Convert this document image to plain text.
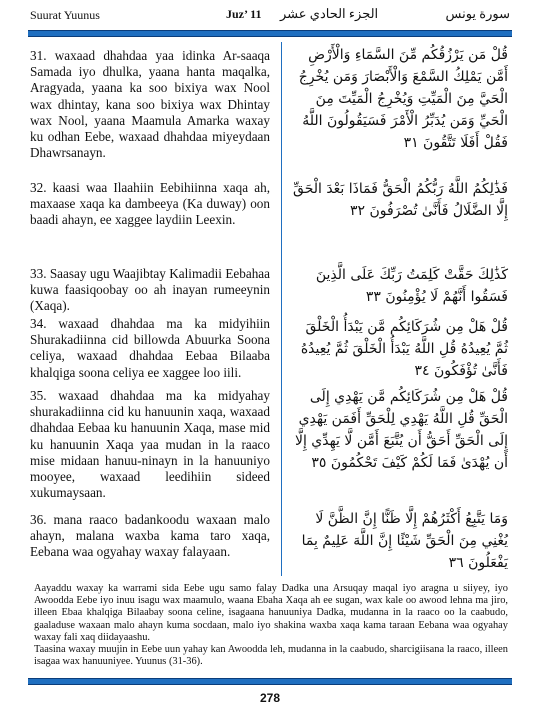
Suurat Yuunus	Juz’ 11 الجزء الحادي عشر	سورة يونس
31. waxaad dhahdaa yaa idinka Ar-saaqa Samada iyo dhulka, yaana hanta maqalka, Aragyada, yaana ka soo bixiya wax Nool wax dhintay, kana soo bixiya wax Dhintay wax Nool, yaana Maamula Amarka waxay ku odhan Eebe, waxaad dhahdaa miyeydaan Dhawrsanayn.
قُلْ مَن يَرْزُقُكُم مِّنَ السَّمَاءِ وَالْأَرْضِ أَمَّن يَمْلِكُ السَّمْعَ وَالْأَبْصَارَ وَمَن يُخْرِجُ الْحَيَّ مِنَ الْمَيِّتِ وَيُخْرِجُ الْمَيِّتَ مِنَ الْحَيِّ وَمَن يُدَبِّرُ الْأَمْرَ فَسَيَقُولُونَ اللَّهُ فَقُلْ أَفَلَا تَتَّقُونَ ٣١
32. kaasi waa Ilaahiin Eebihiinna xaqa ah, maxaase xaqa ka dambeeya (Ka duway) oon baadi ahayn, ee xaggee laydiin Leexin.
فَذَٰلِكُمُ اللَّهُ رَبُّكُمُ الْحَقُّ فَمَاذَا بَعْدَ الْحَقِّ إِلَّا الضَّلَالُ فَأَنَّىٰ تُصْرَفُونَ ٣٢
33. Saasay ugu Waajibtay Kalimadii Eebahaa kuwa faasiqoobay oo ah inayan rumeeynin (Xaqa).
كَذَٰلِكَ حَقَّتْ كَلِمَتُ رَبِّكَ عَلَى الَّذِينَ فَسَقُوا أَنَّهُمْ لَا يُؤْمِنُونَ ٣٣
34. waxaad dhahdaa ma ka midyihiin Shurakadiinna cid billowda Abuurka Soona celiya, waxaad dhahdaa Eebaa Bilaaba khalqiga soona celiya ee xaggee loo iili.
قُلْ هَلْ مِن شُرَكَائِكُم مَّن يَبْدَأُ الْخَلْقَ ثُمَّ يُعِيدُهُ قُلِ اللَّهُ يَبْدَأُ الْخَلْقَ ثُمَّ يُعِيدُهُ فَأَنَّىٰ تُؤْفَكُونَ ٣٤
35. waxaad dhahdaa ma ka midyahay shurakadiinna cid ku hanuunin xaqa, waxaad dhahdaa Eebaa ku hanuunin Xaqa, mase mid ku hanuunin Xaqa yaa mudan in la raaco mise midaan hanuu-ninayn in la hanuuniyo mooyee, waxaad leedihiin sideed xukumaysaan.
قُلْ هَلْ مِن شُرَكَائِكُم مَّن يَهْدِي إِلَى الْحَقِّ قُلِ اللَّهُ يَهْدِي لِلْحَقِّ أَفَمَن يَهْدِي إِلَى الْحَقِّ أَحَقُّ أَن يُتَّبَعَ أَمَّن لَّا يَهِدِّي إِلَّا أَن يُهْدَىٰ فَمَا لَكُمْ كَيْفَ تَحْكُمُونَ ٣٥
36. mana raaco badankoodu waxaan malo ahayn, malana waxba kama taro xaqa, Eebana waa ogyahay waxay falayaan.
وَمَا يَتَّبِعُ أَكْثَرُهُمْ إِلَّا ظَنًّا إِنَّ الظَّنَّ لَا يُغْنِي مِنَ الْحَقِّ شَيْئًا إِنَّ اللَّهَ عَلِيمٌ بِمَا يَفْعَلُونَ ٣٦
Aayaddu waxay ka warrami sida Eebe ugu samo falay Dadka una Arsuqay maqal iyo aragna u siiyey, iyo Awoodda Eebe iyo inuu isagu wax maamulo, waana Ebaha Xaqa ah ee sugan, wax kale oo awood lehna ma jiro, illeen Ebaa khalqiga Bilaabay soona celine, isagaana hanuuniya Dadka, mudanna in la raaco oo la caabudo, gaaladuse waxaan malo ahayn kuma socdaan, malo iyo shakina waxba xaqa kama taraan Eebana waa ogyahay waxay fali xaq diidayaashu.
Taasina waxay muujin in Eebe uun yahay kan Awoodda leh, mudanna in la caabudo, sharcigiisana la raaco, illeen isagaa wax hanuuniyee. Yuunus (31-36).
278
